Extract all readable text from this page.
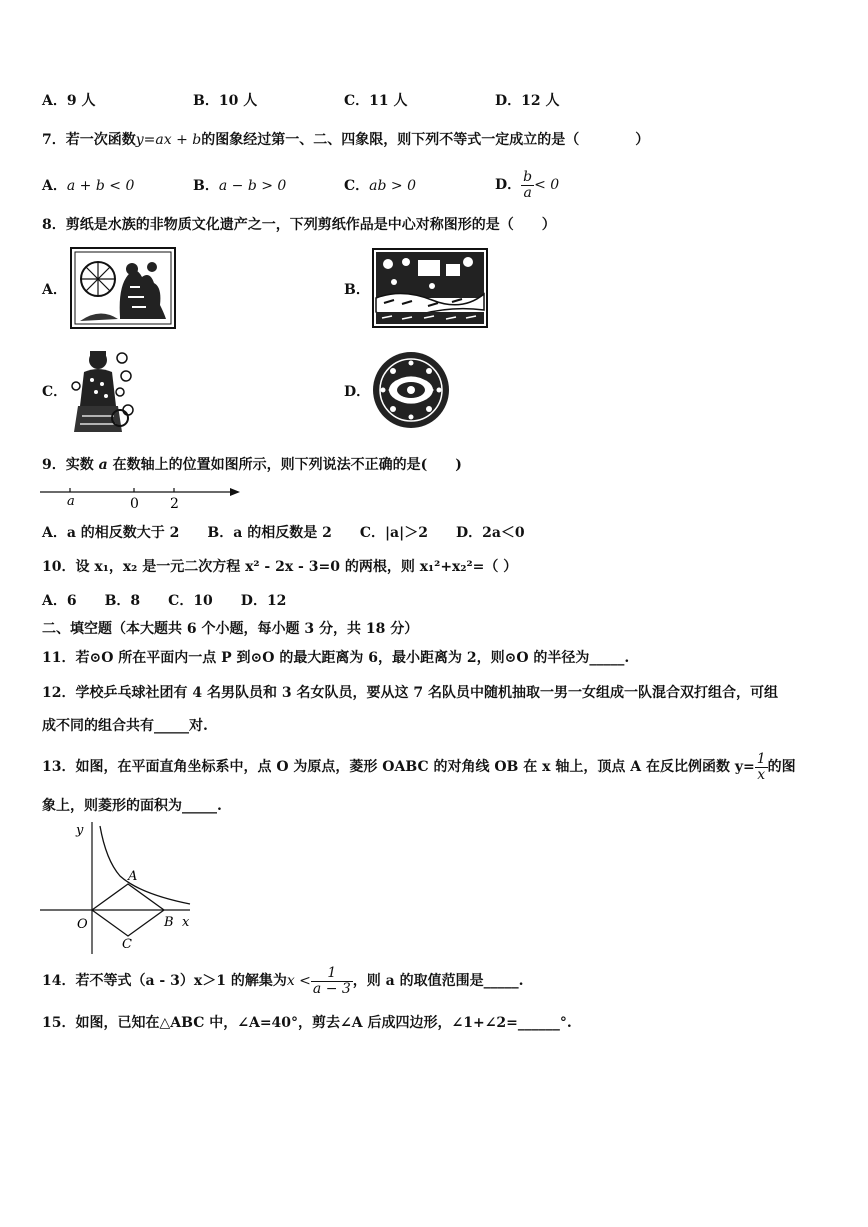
A．9 人	B．10 人	C．11 人	D．12 人
7．若一次函数y=ax + b的图象经过第一、二、四象限，则下列不等式一定成立的是（　　　　）
A．a + b < 0	B．a − b > 0	C．ab > 0	D． $\frac{b}{a} < 0$
8．剪纸是水族的非物质文化遗产之一，下列剪纸作品是中心对称图形的是（　　）
A．	B．
C．	D．
9．实数 a 在数轴上的位置如图所示，则下列说法不正确的是(　　)
a	0 2
A．a 的相反数大于 2　　B．a 的相反数是 2　　C．|a|＞2　　D．2a＜0
10．设 x₁，x₂ 是一元二次方程 x² - 2x - 3=0 的两根，则 x₁²+x₂²=（ ）
A．6　　B．8　　C．10　　D．12
二、填空题（本大题共 6 个小题，每小题 3 分，共 18 分）
11．若⊙O 所在平面内一点 P 到⊙O 的最大距离为 6，最小距离为 2，则⊙O 的半径为_____.
12．学校乒乓球社团有 4 名男队员和 3 名女队员，要从这 7 名队员中随机抽取一男一女组成一队混合双打组合，可组
成不同的组合共有_____对.
13．如图，在平面直角坐标系中，点 O 为原点，菱形 OABC 的对角线 OB 在 x 轴上，顶点 A 在反比例函数 $y= \frac{1}{x}$ 的图
象上，则菱形的面积为_____.
y
A
O	B x
C
14．若不等式（a - 3）x＞1 的解集为$x < \frac{1}{a - 3}$ ，则 a 的取值范围是_____.
15．如图，已知在△ABC 中，∠A=40°，剪去∠A 后成四边形，∠1+∠2=______°.
